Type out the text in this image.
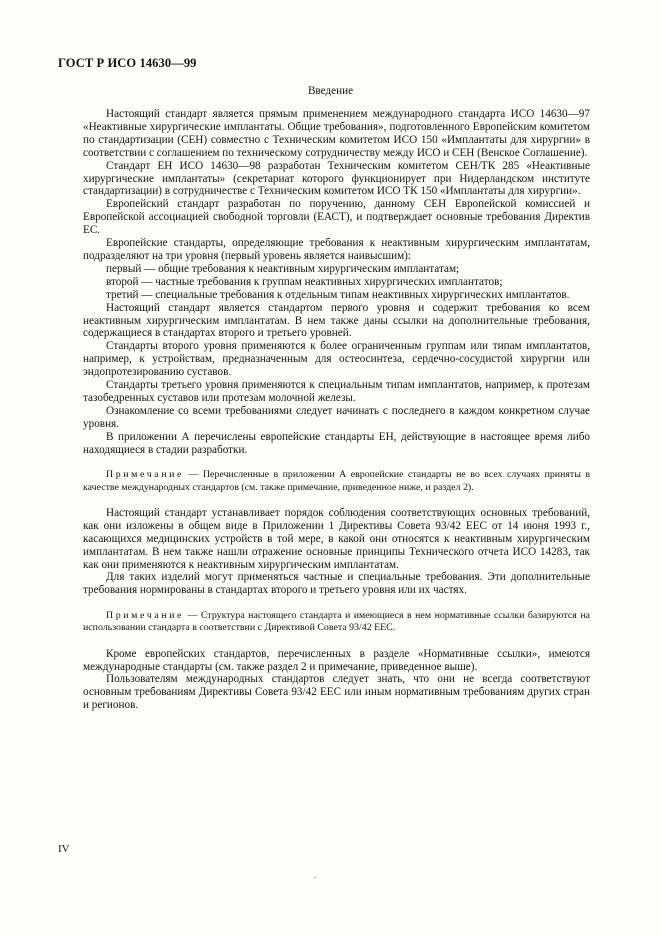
ГОСТ Р ИСО 14630—99
Введение

Настоящий стандарт является прямым применением международного стандарта ИСО 14630—97 «Неактивные хирургические имплантаты. Общие требования», подготовленного Европейским комитетом по стандартизации (СЕН) совместно с Техническим комитетом ИСО 150 «Имплантаты для хирургии» в соответствии с соглашением по техническому сотрудничеству между ИСО и СЕН (Венское Соглашение).

Стандарт ЕН ИСО 14630—98 разработан Техническим комитетом СЕН/ТК 285 «Неактивные хирургические имплантаты» (секретариат которого функционирует при Нидерландском институте стандартизации) в сотрудничестве с Техническим комитетом ИСО ТК 150 «Имплантаты для хирургии».

Европейский стандарт разработан по поручению, данному СЕН Европейской комиссией и Европейской ассоциацией свободной торговли (ЕАСТ), и подтверждает основные требования Директив ЕС.

Европейские стандарты, определяющие требования к неактивным хирургическим имплантатам, подразделяют на три уровня (первый уровень является наивысшим):

первый — общие требования к неактивным хирургическим имплантатам;

второй — частные требования к группам неактивных хирургических имплантатов;

третий — специальные требования к отдельным типам неактивных хирургических имплантатов.

Настоящий стандарт является стандартом первого уровня и содержит требования ко всем неактивным хирургическим имплантатам. В нем также даны ссылки на дополнительные требования, содержащиеся в стандартах второго и третьего уровней.

Стандарты второго уровня применяются к более ограниченным группам или типам имплантатов, например, к устройствам, предназначенным для остеосинтеза, сердечно-сосудистой хирургии или эндопротезированию суставов.

Стандарты третьего уровня применяются к специальным типам имплантатов, например, к протезам тазобедренных суставов или протезам молочной железы.

Ознакомление со всеми требованиями следует начинать с последнего в каждом конкретном случае уровня.

В приложении А перечислены европейские стандарты ЕН, действующие в настоящее время либо находящиеся в стадии разработки.

Примечание — Перечисленные в приложении А европейские стандарты не во всех случаях приняты в качестве международных стандартов (см. также примечание, приведенное ниже, и раздел 2).

Настоящий стандарт устанавливает порядок соблюдения соответствующих основных требований, как они изложены в общем виде в Приложении 1 Директивы Совета 93/42 ЕЕС от 14 июня 1993 г., касающихся медицинских устройств в той мере, в какой они относятся к неактивным хирургическим имплантатам. В нем также нашли отражение основные принципы Технического отчета ИСО 14283, так как они применяются к неактивным хирургическим имплантатам.

Для таких изделий могут применяться частные и специальные требования. Эти дополнительные требования нормированы в стандартах второго и третьего уровня или их частях.

Примечание — Структура настоящего стандарта и имеющиеся в нем нормативные ссылки базируются на использовании стандарта в соответствии с Директивой Совета 93/42 ЕЕС.

Кроме европейских стандартов, перечисленных в разделе «Нормативные ссылки», имеются международные стандарты (см. также раздел 2 и примечание, приведенное выше).

Пользователям международных стандартов следует знать, что они не всегда соответствуют основным требованиям Директивы Совета 93/42 ЕЕС или иным нормативным требованиям других стран и регионов.

IV
-
